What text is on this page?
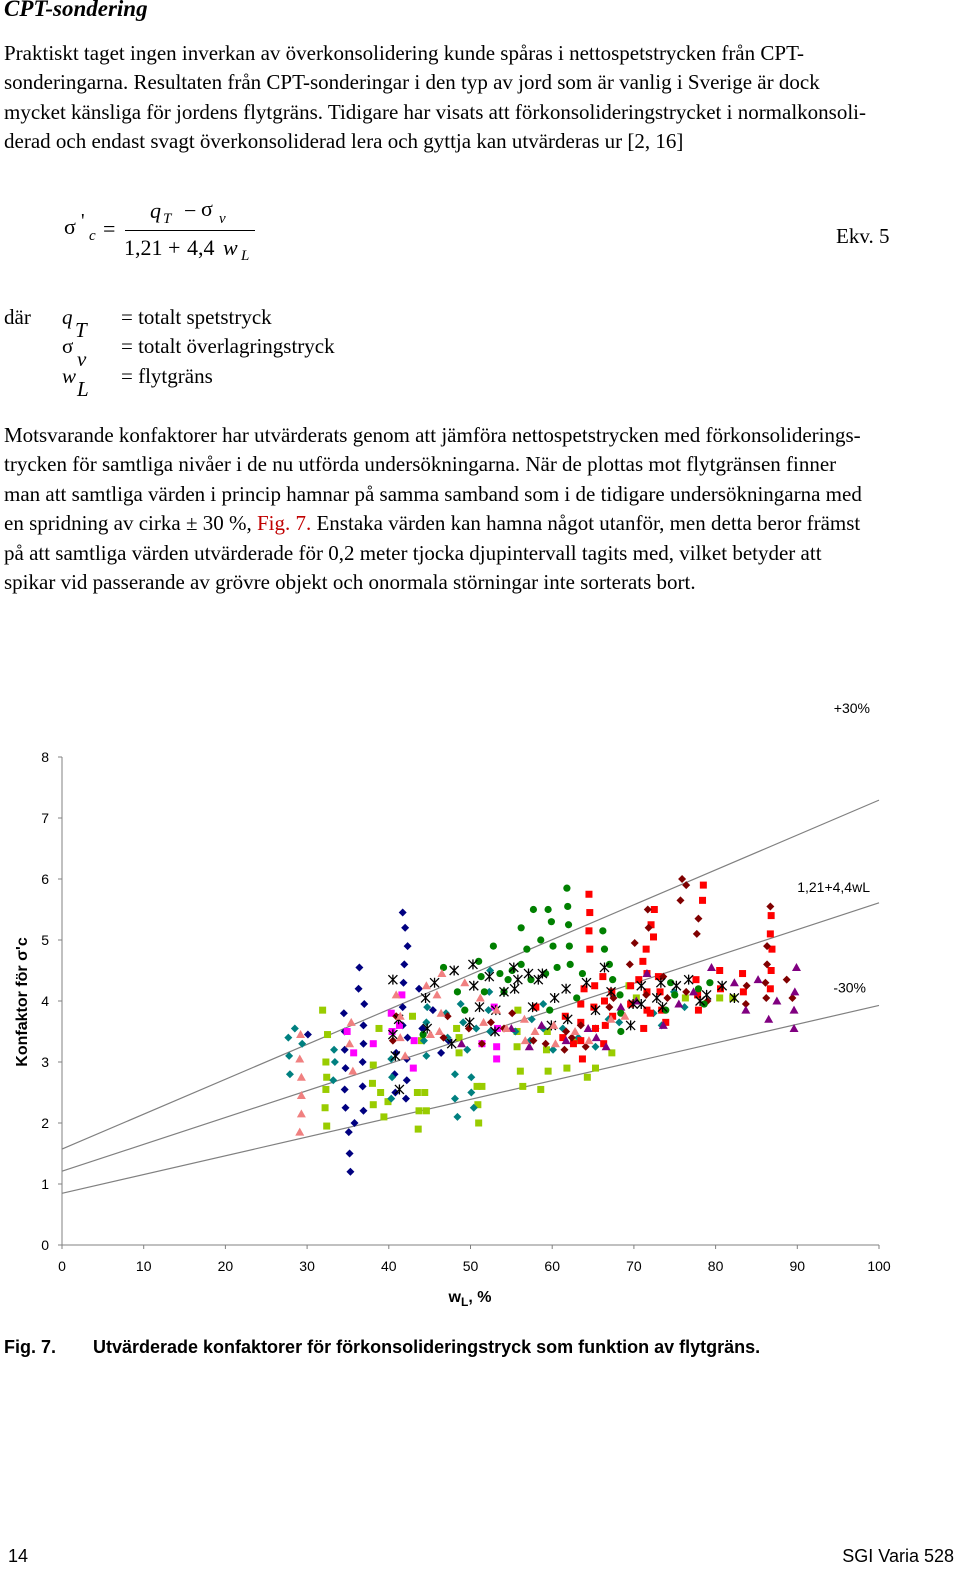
CPT-sondering

Praktiskt taget ingen inverkan av överkonsolidering kunde spåras i nettospetstrycken från CPT-
sonderingarna. Resultaten från CPT-sonderingar i den typ av jord som är vanlig i Sverige är dock
mycket känsliga för jordens flytgräns. Tidigare har visats att förkonsolideringstrycket i normalkonsoli-
derad och endast svagt överkonsoliderad lera och gyttja kan utvärderas ur [2, 16]

σ '
c =
q T − σ v
1,21 + 4,4 w L
Ekv. 5
där q
T
= totalt spetstryck
σ
v
= totalt överlagringstryck
w
L
= flytgräns

Motsvarande konfaktorer har utvärderats genom att jämföra nettospetstrycken med förkonsoliderings-
trycken för samtliga nivåer i de nu utförda undersökningarna. När de plottas mot flytgränsen finner
man att samtliga värden i princip hamnar på samma samband som i de tidigare undersökningarna med
en spridning av cirka ± 30 %, Fig. 7. Enstaka värden kan hamna något utanför, men detta beror främst
på att samtliga värden utvärderade för 0,2 meter tjocka djupintervall tagits med, vilket betyder att
spikar vid passerande av grövre objekt och onormala störningar inte sorterats bort.

0	10	20	30	40	50	60	70	80	90	100
0
1
2
3
4
5
6
7
8
+30%
1,21+4,4wL
-30%
$w_L$, %
Konfaktor för σ'c
Fig. 7. Utvärderade konfaktorer för förkonsolideringstryck som funktion av flytgräns.
14	SGI Varia 528
